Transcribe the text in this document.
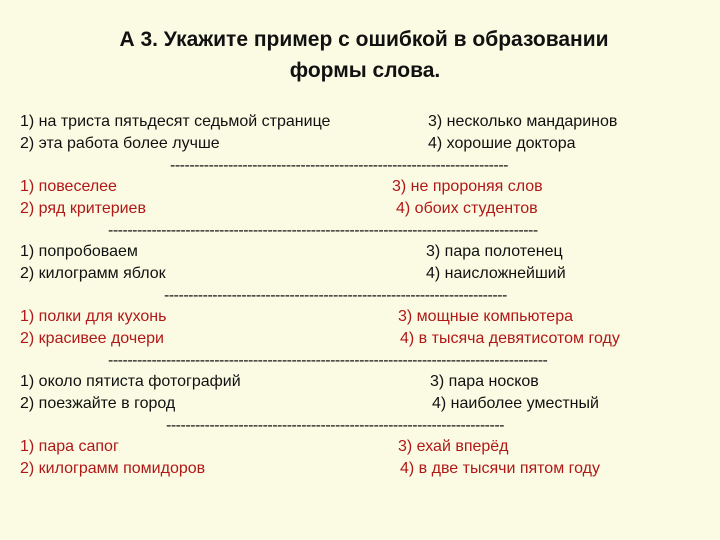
А 3. Укажите пример с ошибкой в образовании
формы слова.
1) на триста пятьдесят седьмой странице	3) несколько мандаринов
2) эта работа более лучше	4) хорошие доктора
----------------------------------------------------------------------
1) повеселее	3) не пророняя слов
2) ряд критериев	4) обоих студентов
-----------------------------------------------------------------------------------------
1) попробоваем	3) пара полотенец
2) килограмм яблок	4) наисложнейший
-----------------------------------------------------------------------
1) полки для кухонь	3) мощные компьютера
2) красивее дочери	4) в тысяча девятисотом году
-------------------------------------------------------------------------------------------
1) около пятиста фотографий	3) пара носков
2) поезжайте в город	4) наиболее уместный
----------------------------------------------------------------------
1) пара сапог	3) ехай вперёд
2) килограмм помидоров	4) в две тысячи пятом году
